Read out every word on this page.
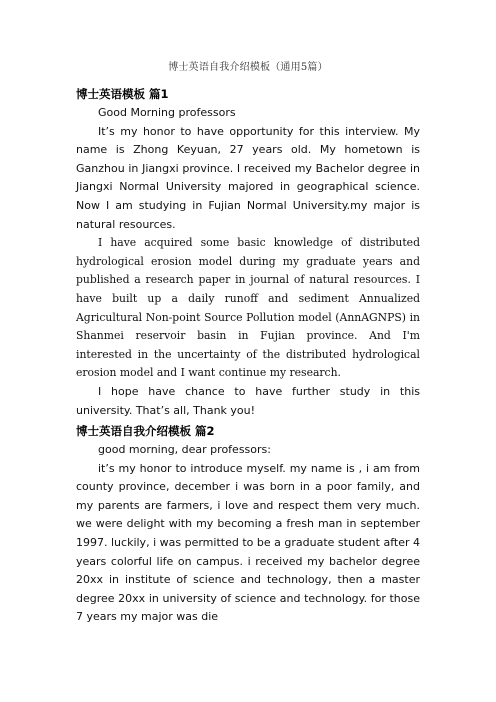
博士英语自我介绍模板（通用5篇）
博士英语模板 篇1

Good Morning professors

It’s my honor to have opportunity for this interview. My name is Zhong Keyuan, 27 years old. My hometown is Ganzhou in Jiangxi province. I received my Bachelor degree in Jiangxi Normal University majored in geographical science. Now I am studying in Fujian Normal University.my major is natural resources.

I have acquired some basic knowledge of distributed hydrological erosion model during my graduate years and published a research paper in journal of natural resources. I have built up a daily runoff and sediment Annualized Agricultural Non-point Source Pollution model (AnnAGNPS) in Shanmei reservoir basin in Fujian province. And I'm interested in the uncertainty of the distributed hydrological erosion model and I want continue my research.

I hope have chance to have further study in this university. That’s all, Thank you!

博士英语自我介绍模板 篇2

good morning, dear professors:

it’s my honor to introduce myself. my name is , i am from county province, december i was born in a poor family, and my parents are farmers, i love and respect them very much. we were delight with my becoming a fresh man in september 1997. luckily, i was permitted to be a graduate student after 4 years colorful life on campus. i received my bachelor degree 20xx in institute of science and technology, then a master degree 20xx in university of science and technology. for those 7 years my major was die
